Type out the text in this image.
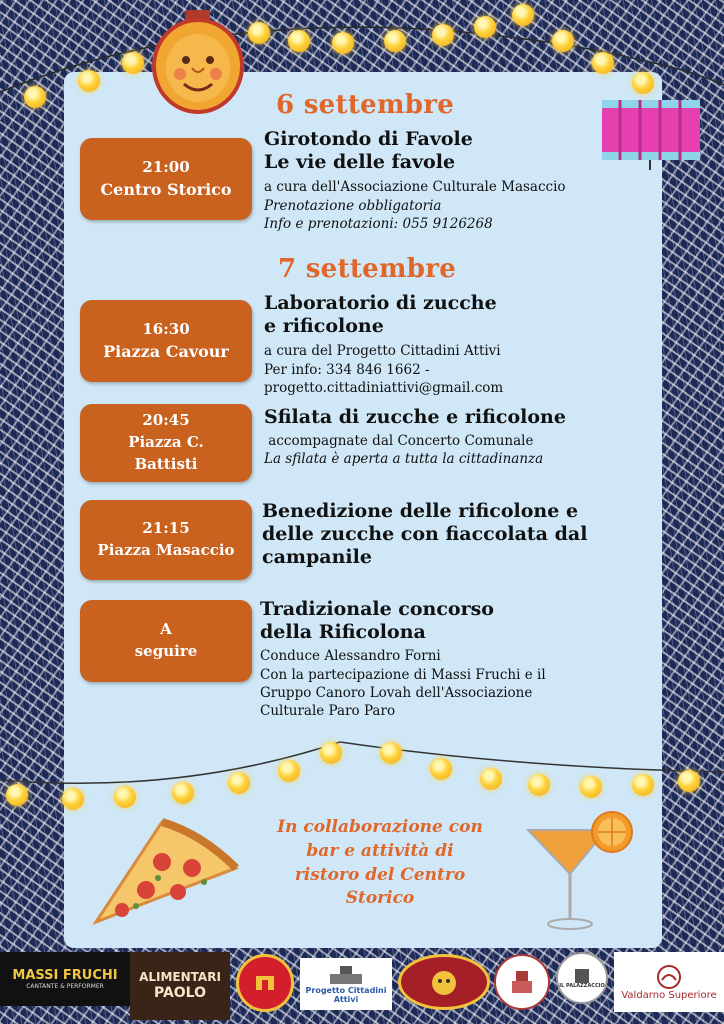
6 settembre
21:00
Centro Storico
Girotondo di Favole
Le vie delle favole
a cura dell'Associazione Culturale Masaccio
Prenotazione obbligatoria
Info e prenotazioni: 055 9126268
7 settembre
16:30
Piazza Cavour
Laboratorio di zucche
e rificolone
a cura del Progetto Cittadini Attivi
Per info: 334 846 1662 -
progetto.cittadiniattivi@gmail.com
20:45
Piazza C.
Battisti
Sfilata di zucche e rificolone
accompagnate dal Concerto Comunale
La sfilata è aperta a tutta la cittadinanza
21:15
Piazza Masaccio
Benedizione delle rificolone e
delle zucche con fiaccolata dal
campanile
A
seguire
Tradizionale concorso
della Rificolona
Conduce Alessandro Forni
Con la partecipazione di Massi Fruchi e il
Gruppo Canoro Lovah dell'Associazione
Culturale Paro Paro
In collaborazione con
bar e attività di
ristoro del Centro
Storico
MASSI FRUCHI
CANTANTE & PERFORMER
ALIMENTARI
PAOLO	Progetto Cittadini Attivi
IL PALAZZACCIO
Valdarno Superiore
